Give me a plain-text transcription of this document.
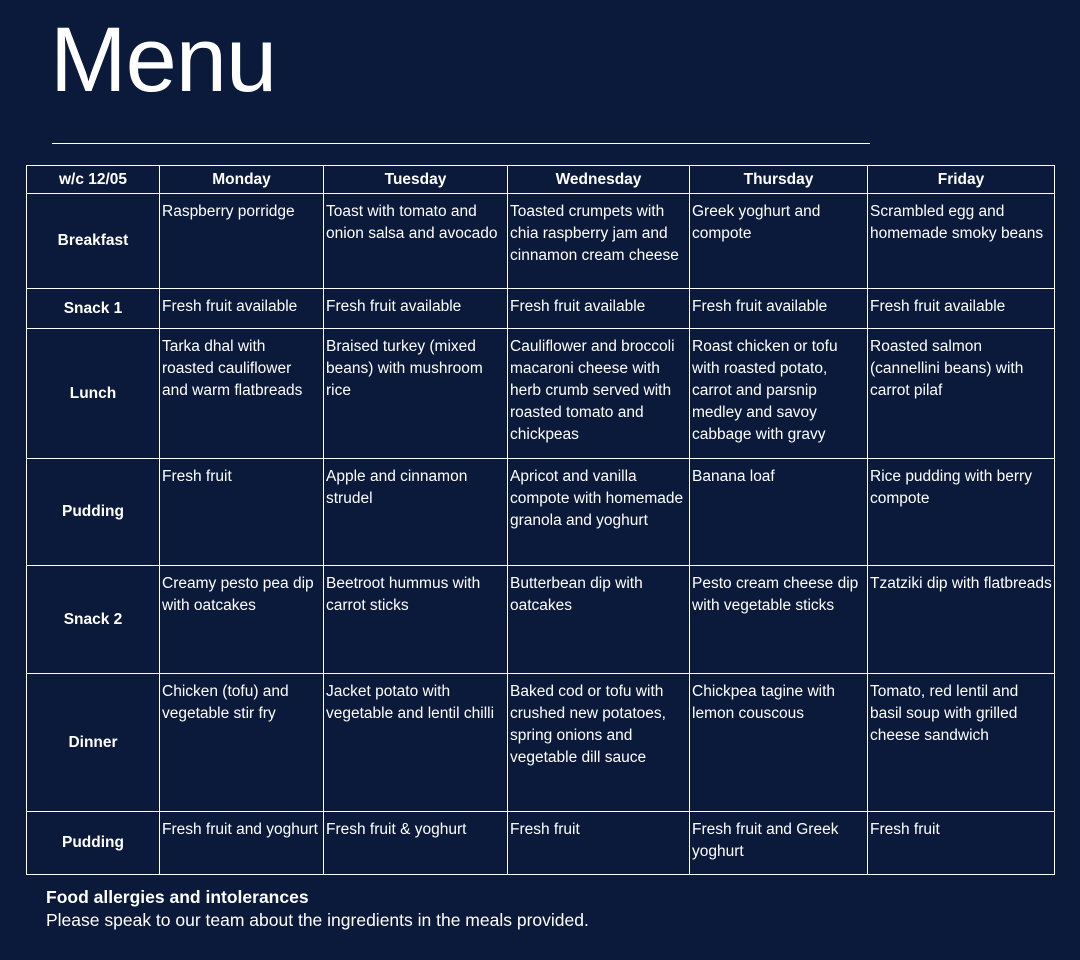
Menu
w/c 12/05	Monday	Tuesday	Wednesday	Thursday	Friday
Breakfast	Raspberry porridge	Toast with tomato and onion salsa and avocado	Toasted crumpets with chia raspberry jam and cinnamon cream cheese	Greek yoghurt and compote	Scrambled egg and homemade smoky beans
Snack 1	Fresh fruit available	Fresh fruit available	Fresh fruit available	Fresh fruit available	Fresh fruit available
Lunch	Tarka dhal with roasted cauliflower and warm flatbreads	Braised turkey (mixed beans) with mushroom rice	Cauliflower and broccoli macaroni cheese with herb crumb served with roasted tomato and chickpeas	Roast chicken or tofu with roasted potato, carrot and parsnip medley and savoy cabbage with gravy	Roasted salmon (cannellini beans) with carrot pilaf
Pudding	Fresh fruit	Apple and cinnamon strudel	Apricot and vanilla compote with homemade granola and yoghurt	Banana loaf	Rice pudding with berry compote
Snack 2	Creamy pesto pea dip with oatcakes	Beetroot hummus with carrot sticks	Butterbean dip with oatcakes	Pesto cream cheese dip with vegetable sticks	Tzatziki dip with flatbreads
Dinner	Chicken (tofu) and vegetable stir fry	Jacket potato with vegetable and lentil chilli	Baked cod or tofu with crushed new potatoes, spring onions and vegetable dill sauce	Chickpea tagine with lemon couscous	Tomato, red lentil and basil soup with grilled cheese sandwich
Pudding	Fresh fruit and yoghurt	Fresh fruit & yoghurt	Fresh fruit	Fresh fruit and Greek yoghurt	Fresh fruit
Food allergies and intolerances
Please speak to our team about the ingredients in the meals provided.
